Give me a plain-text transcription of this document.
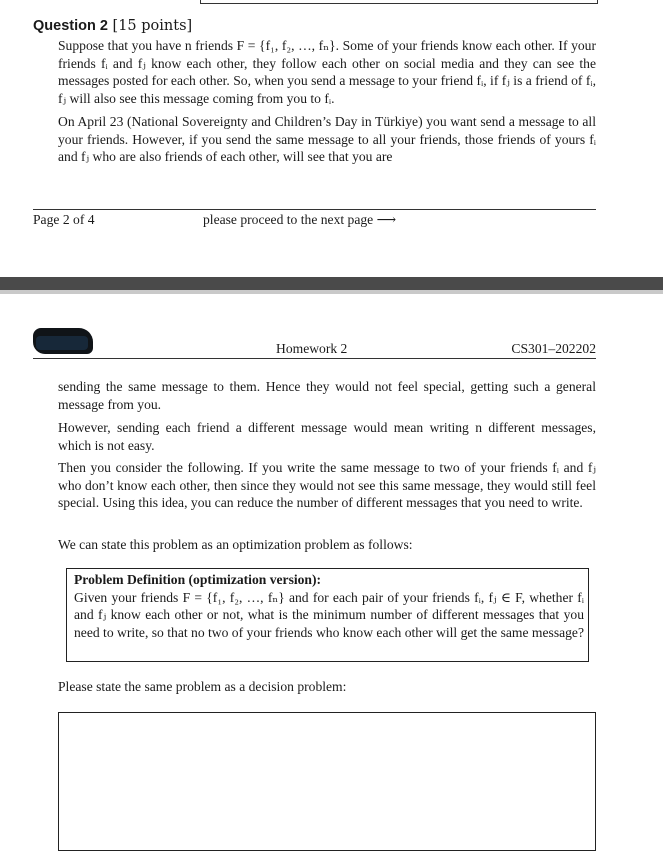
Question 2 [15 points]
Suppose that you have n friends F = {f₁, f₂, …, fₙ}. Some of your friends know each other. If your friends fᵢ and fⱼ know each other, they follow each other on social media and they can see the messages posted for each other. So, when you send a message to your friend fᵢ, if fⱼ is a friend of fᵢ, fⱼ will also see this message coming from you to fᵢ.
On April 23 (National Sovereignty and Children’s Day in Türkiye) you want send a message to all your friends. However, if you send the same message to all your friends, those friends of yours fᵢ and fⱼ who are also friends of each other, will see that you are
Page 2 of 4	please proceed to the next page ⟶
Homework 2	CS301–202202
sending the same message to them. Hence they would not feel special, getting such a general message from you.
However, sending each friend a different message would mean writing n different messages, which is not easy.
Then you consider the following. If you write the same message to two of your friends fᵢ and fⱼ who don’t know each other, then since they would not see this same message, they would still feel special. Using this idea, you can reduce the number of different messages that you need to write.
We can state this problem as an optimization problem as follows:
Problem Definition (optimization version):
Given your friends F = {f₁, f₂, …, fₙ} and for each pair of your friends fᵢ, fⱼ ∈ F, whether fᵢ and fⱼ know each other or not, what is the minimum number of different messages that you need to write, so that no two of your friends who know each other will get the same message?
Please state the same problem as a decision problem:
